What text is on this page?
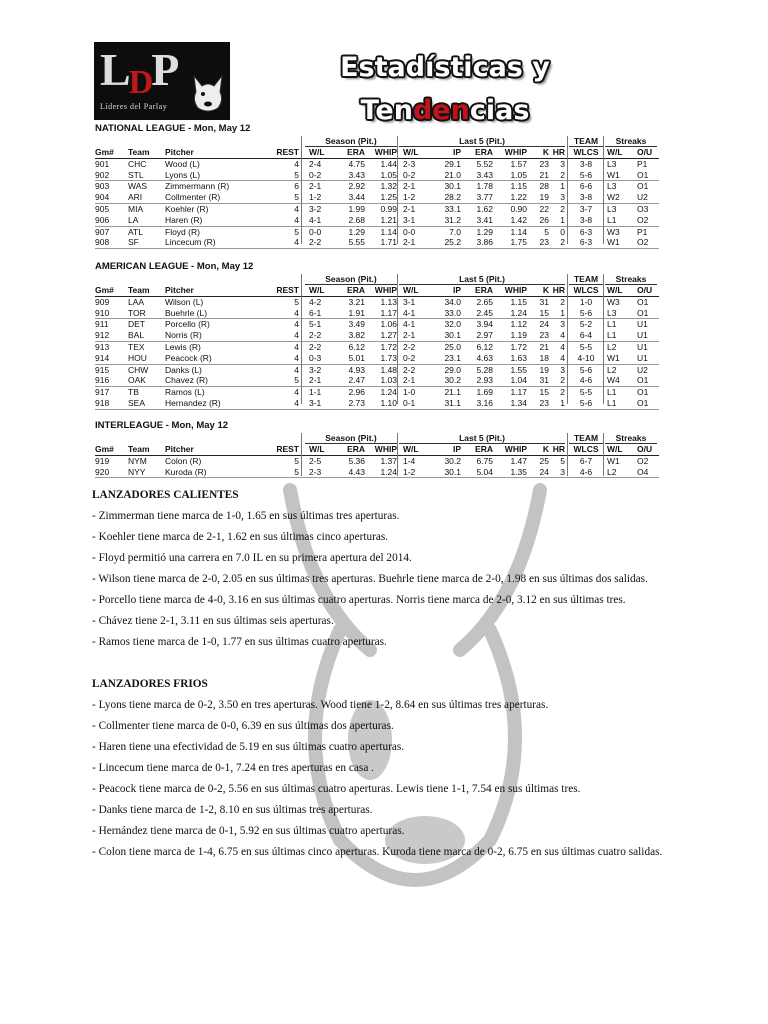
LDP
Líderes del Parlay
Estadísticas y
Tendencias
NATIONAL LEAGUE - Mon, May 12
Season (Pit.)	Last 5 (Pit.)	TEAM	Streaks
Gm#	Team	Pitcher	REST W/L	ERA	WHIP W/L	IP	ERA	WHIP	K HR WLCS W/L	O/U
901	CHC	Wood (L)	4 2-4	4.75	1.44 2-3	29.1	5.52	1.57	23	3	3-8	L3	P1
902	STL	Lyons (L)	5 0-2	3.43	1.05 0-2	21.0	3.43	1.05	21	2	5-6	W1	O1
903	WAS	Zimmermann (R)	6 2-1	2.92	1.32 2-1	30.1	1.78	1.15	28	1	6-6	L3	O1
904	ARI	Collmenter (R)	5 1-2	3.44	1.25 1-2	28.2	3.77	1.22	19	3	3-8	W2	U2
905	MIA	Koehler (R)	4 3-2	1.99	0.99 2-1	33.1	1.62	0.90	22	2	3-7	L3	O3
906	LA	Haren (R)	4 4-1	2.68	1.21 3-1	31.2	3.41	1.42	26	1	3-8	L1	O2
907	ATL	Floyd (R)	5 0-0	1.29	1.14 0-0	7.0	1.29	1.14	5	0	6-3	W3	P1
908	SF	Lincecum (R)	4 2-2	5.55	1.71 2-1	25.2	3.86	1.75	23	2	6-3	W1	O2
AMERICAN LEAGUE - Mon, May 12
Season (Pit.)	Last 5 (Pit.)	TEAM	Streaks
Gm#	Team	Pitcher	REST W/L	ERA	WHIP W/L	IP	ERA	WHIP	K HR WLCS W/L	O/U
909	LAA	Wilson (L)	5 4-2	3.21	1.13 3-1	34.0	2.65	1.15	31	2	1-0	W3	O1
910	TOR	Buehrle (L)	4 6-1	1.91	1.17 4-1	33.0	2.45	1.24	15	1	5-6	L3	O1
911	DET	Porcello (R)	4 5-1	3.49	1.06 4-1	32.0	3.94	1.12	24	3	5-2	L1	U1
912	BAL	Norris (R)	4 2-2	3.82	1.27 2-1	30.1	2.97	1.19	23	4	6-4	L1	U1
913	TEX	Lewis (R)	4 2-2	6.12	1.72 2-2	25.0	6.12	1.72	21	4	5-5	L2	U1
914	HOU	Peacock (R)	4 0-3	5.01	1.73 0-2	23.1	4.63	1.63	18	4	4-10	W1	U1
915	CHW	Danks (L)	4 3-2	4.93	1.48 2-2	29.0	5.28	1.55	19	3	5-6	L2	U2
916	OAK	Chavez (R)	5 2-1	2.47	1.03 2-1	30.2	2.93	1.04	31	2	4-6	W4	O1
917	TB	Ramos (L)	4 1-1	2.96	1.24 1-0	21.1	1.69	1.17	15	2	5-5	L1	O1
918	SEA	Hernandez (R)	4 3-1	2.73	1.10 0-1	31.1	3.16	1.34	23	1	5-6	L1	O1
INTERLEAGUE - Mon, May 12
Season (Pit.)	Last 5 (Pit.)	TEAM	Streaks
Gm#	Team	Pitcher	REST W/L	ERA	WHIP W/L	IP	ERA	WHIP	K HR WLCS W/L	O/U
919	NYM	Colon (R)	5 2-5	5.36	1.37 1-4	30.2	6.75	1.47	25	5	6-7	W1	O2
920	NYY	Kuroda (R)	5 2-3	4.43	1.24 1-2	30.1	5.04	1.35	24	3	4-6	L2	O4

LANZADORES CALIENTES

- Zimmerman tiene marca de 1-0, 1.65 en sus últimas tres aperturas.

- Koehler tiene marca de 2-1, 1.62 en sus últimas cinco aperturas.

- Floyd permitió una carrera en 7.0 IL en su primera apertura del 2014.

- Wilson tiene marca de 2-0, 2.05 en sus últimas tres aperturas. Buehrle tiene marca de 2-0, 1.98 en sus últimas dos salidas.

- Porcello tiene marca de 4-0, 3.16 en sus últimas cuatro aperturas. Norris tiene marca de 2-0, 3.12 en sus últimas tres.

- Chávez tiene 2-1, 3.11 en sus últimas seis aperturas.

- Ramos tiene marca de 1-0, 1.77 en sus últimas cuatro aperturas.

LANZADORES FRIOS

- Lyons tiene marca de 0-2, 3.50 en tres aperturas. Wood tiene 1-2, 8.64 en sus últimas tres aperturas.

- Collmenter tiene marca de 0-0, 6.39 en sus últimas dos aperturas.

- Haren tiene una efectividad de 5.19 en sus últimas cuatro aperturas.

- Lincecum tiene marca de 0-1, 7.24 en tres aperturas en casa .

- Peacock tiene marca de 0-2, 5.56 en sus últimas cuatro aperturas. Lewis tiene 1-1, 7.54 en sus últimas tres.

- Danks tiene marca de 1-2, 8.10 en sus últimas tres aperturas.

- Hernández tiene marca de 0-1, 5.92 en sus últimas cuatro aperturas.

- Colon tiene marca de 1-4, 6.75 en sus últimas cinco aperturas. Kuroda tiene marca de 0-2, 6.75 en sus últimas cuatro salidas.
